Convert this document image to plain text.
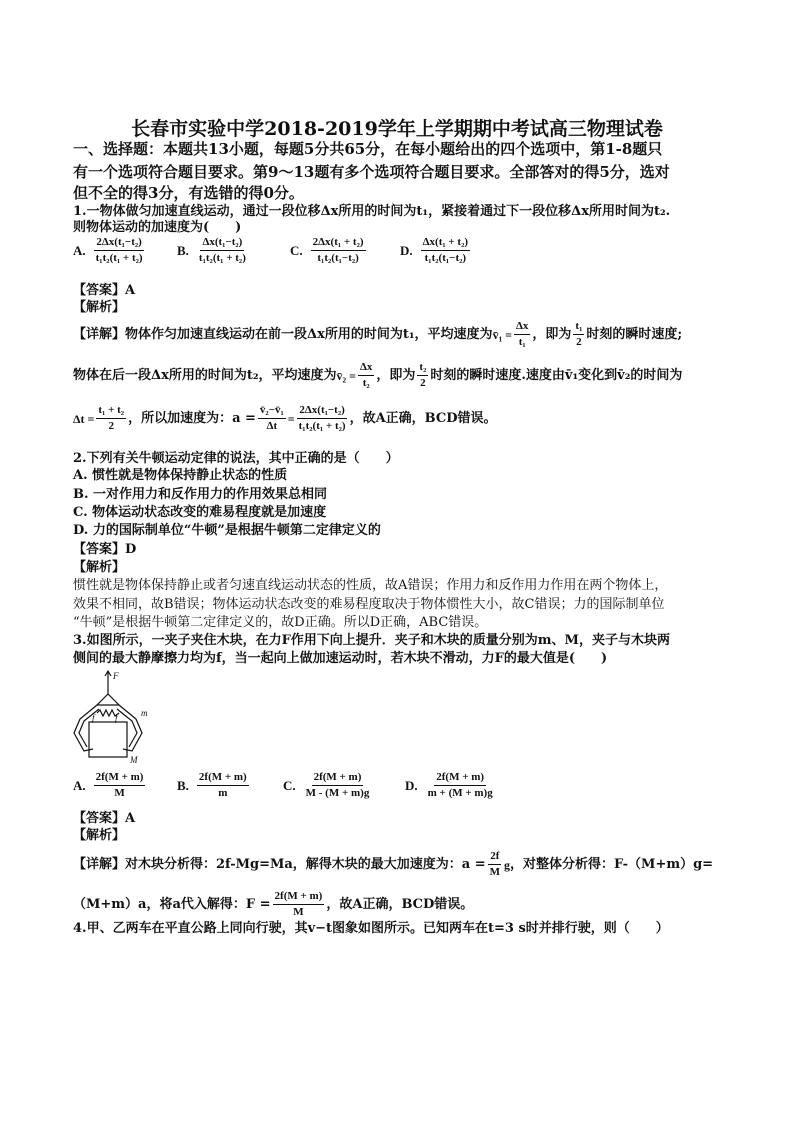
长春市实验中学2018-2019学年上学期期中考试高三物理试卷
一、选择题：本题共13小题，每题5分共65分，在每小题给出的四个选项中，第1-8题只
有一个选项符合题目要求。第9～13题有多个选项符合题目要求。全部答对的得5分，选对
但不全的得3分，有选错的得0分。
1.一物体做匀加速直线运动，通过一段位移Δx所用的时间为t₁，紧接着通过下一段位移Δx所用时间为t₂.
则物体运动的加速度为(　　)
A. $\frac{\text{2Δx(t₁−t₂)}}{\text{t₁t₂(t₁ + t₂)}} B$. $\frac{\text{Δx(t₁−t₂)}}{\text{t₁t₂(t₁ + t₂)}}$	C. $\frac{\text{2Δx(t₁ + t₂)}}{\text{t₁t₂(t₁−t₂)}}$	D. $\frac{\text{Δx(t₁ + t₂)}}{\text{t₁t₂(t₁−t₂)}}$
【答案】A
【解析】
【详解】 物体作匀加速直线运动在前一段Δx所用的时间为t₁，平均速度为 v̄₁ = $\frac{\Delta x}{\text{t₁}}$ ，即为 $\frac{\text{t₁}}{2}$ 时刻的瞬时速度;
物体在后一段Δx所用的时间为t₂，平均速度为 v̄₂ = $\frac{\Delta x}{\text{t₂}}$ ，即为 $\frac{\text{t₂}}{2}$ 时刻的瞬时速度.速度由v̄₁变化到v̄₂的时间为
$\Delta t = \frac{\text{t₁ + t₂}}{2}$ ，所以加速度为：$a = \frac{\text{v̄₂−v̄₁}}{\Delta t} = \frac{\text{2Δx(t₁−t₂)}}{\text{t₁t₂(t₁ + t₂)}}$ ，故A正确，BCD错误。
2.下列有关牛顿运动定律的说法，其中正确的是（　　）
A. 惯性就是物体保持静止状态的性质
B. 一对作用力和反作用力的作用效果总相同
C. 物体运动状态改变的难易程度就是加速度
D. 力的国际制单位“牛顿”是根据牛顿第二定律定义的
【答案】D
【解析】
惯性就是物体保持静止或者匀速直线运动状态的性质，故A错误；作用力和反作用力作用在两个物体上，
效果不相同，故B错误；物体运动状态改变的难易程度取决于物体惯性大小，故C错误；力的国际制单位
“牛顿”是根据牛顿第二定律定义的，故D正确。所以D正确，ABC错误。
3.如图所示，一夹子夹住木块，在力F作用下向上提升．夹子和木块的质量分别为m、M，夹子与木块两
侧间的最大静摩擦力均为f，当一起向上做加速运动时，若木块不滑动，力F的最大值是(　　)
F
f f	m
M
A. $\frac{2f(M + m)}{M} B$. $\frac{2f(M + m)}{m}$	C. $\frac{2f(M + m)}{M - (M + m)g}$	D. $\frac{2f(M + m)}{m + (M + m)g}$
【答案】A
【解析】
【详解】 对木块分析得：2f-Mg=Ma，解得木块的最大加速度为：$a = \frac{2f}{M}$ g ，对整体分析得：F-（M+m）g=
（M+m）a，将a代入解得：$F = \frac{2f(M + m)}{M}$ ，故A正确，BCD错误。
4.甲、乙两车在平直公路上同向行驶，其v−t图象如图所示。已知两车在t=3 s时并排行驶，则（　　）
